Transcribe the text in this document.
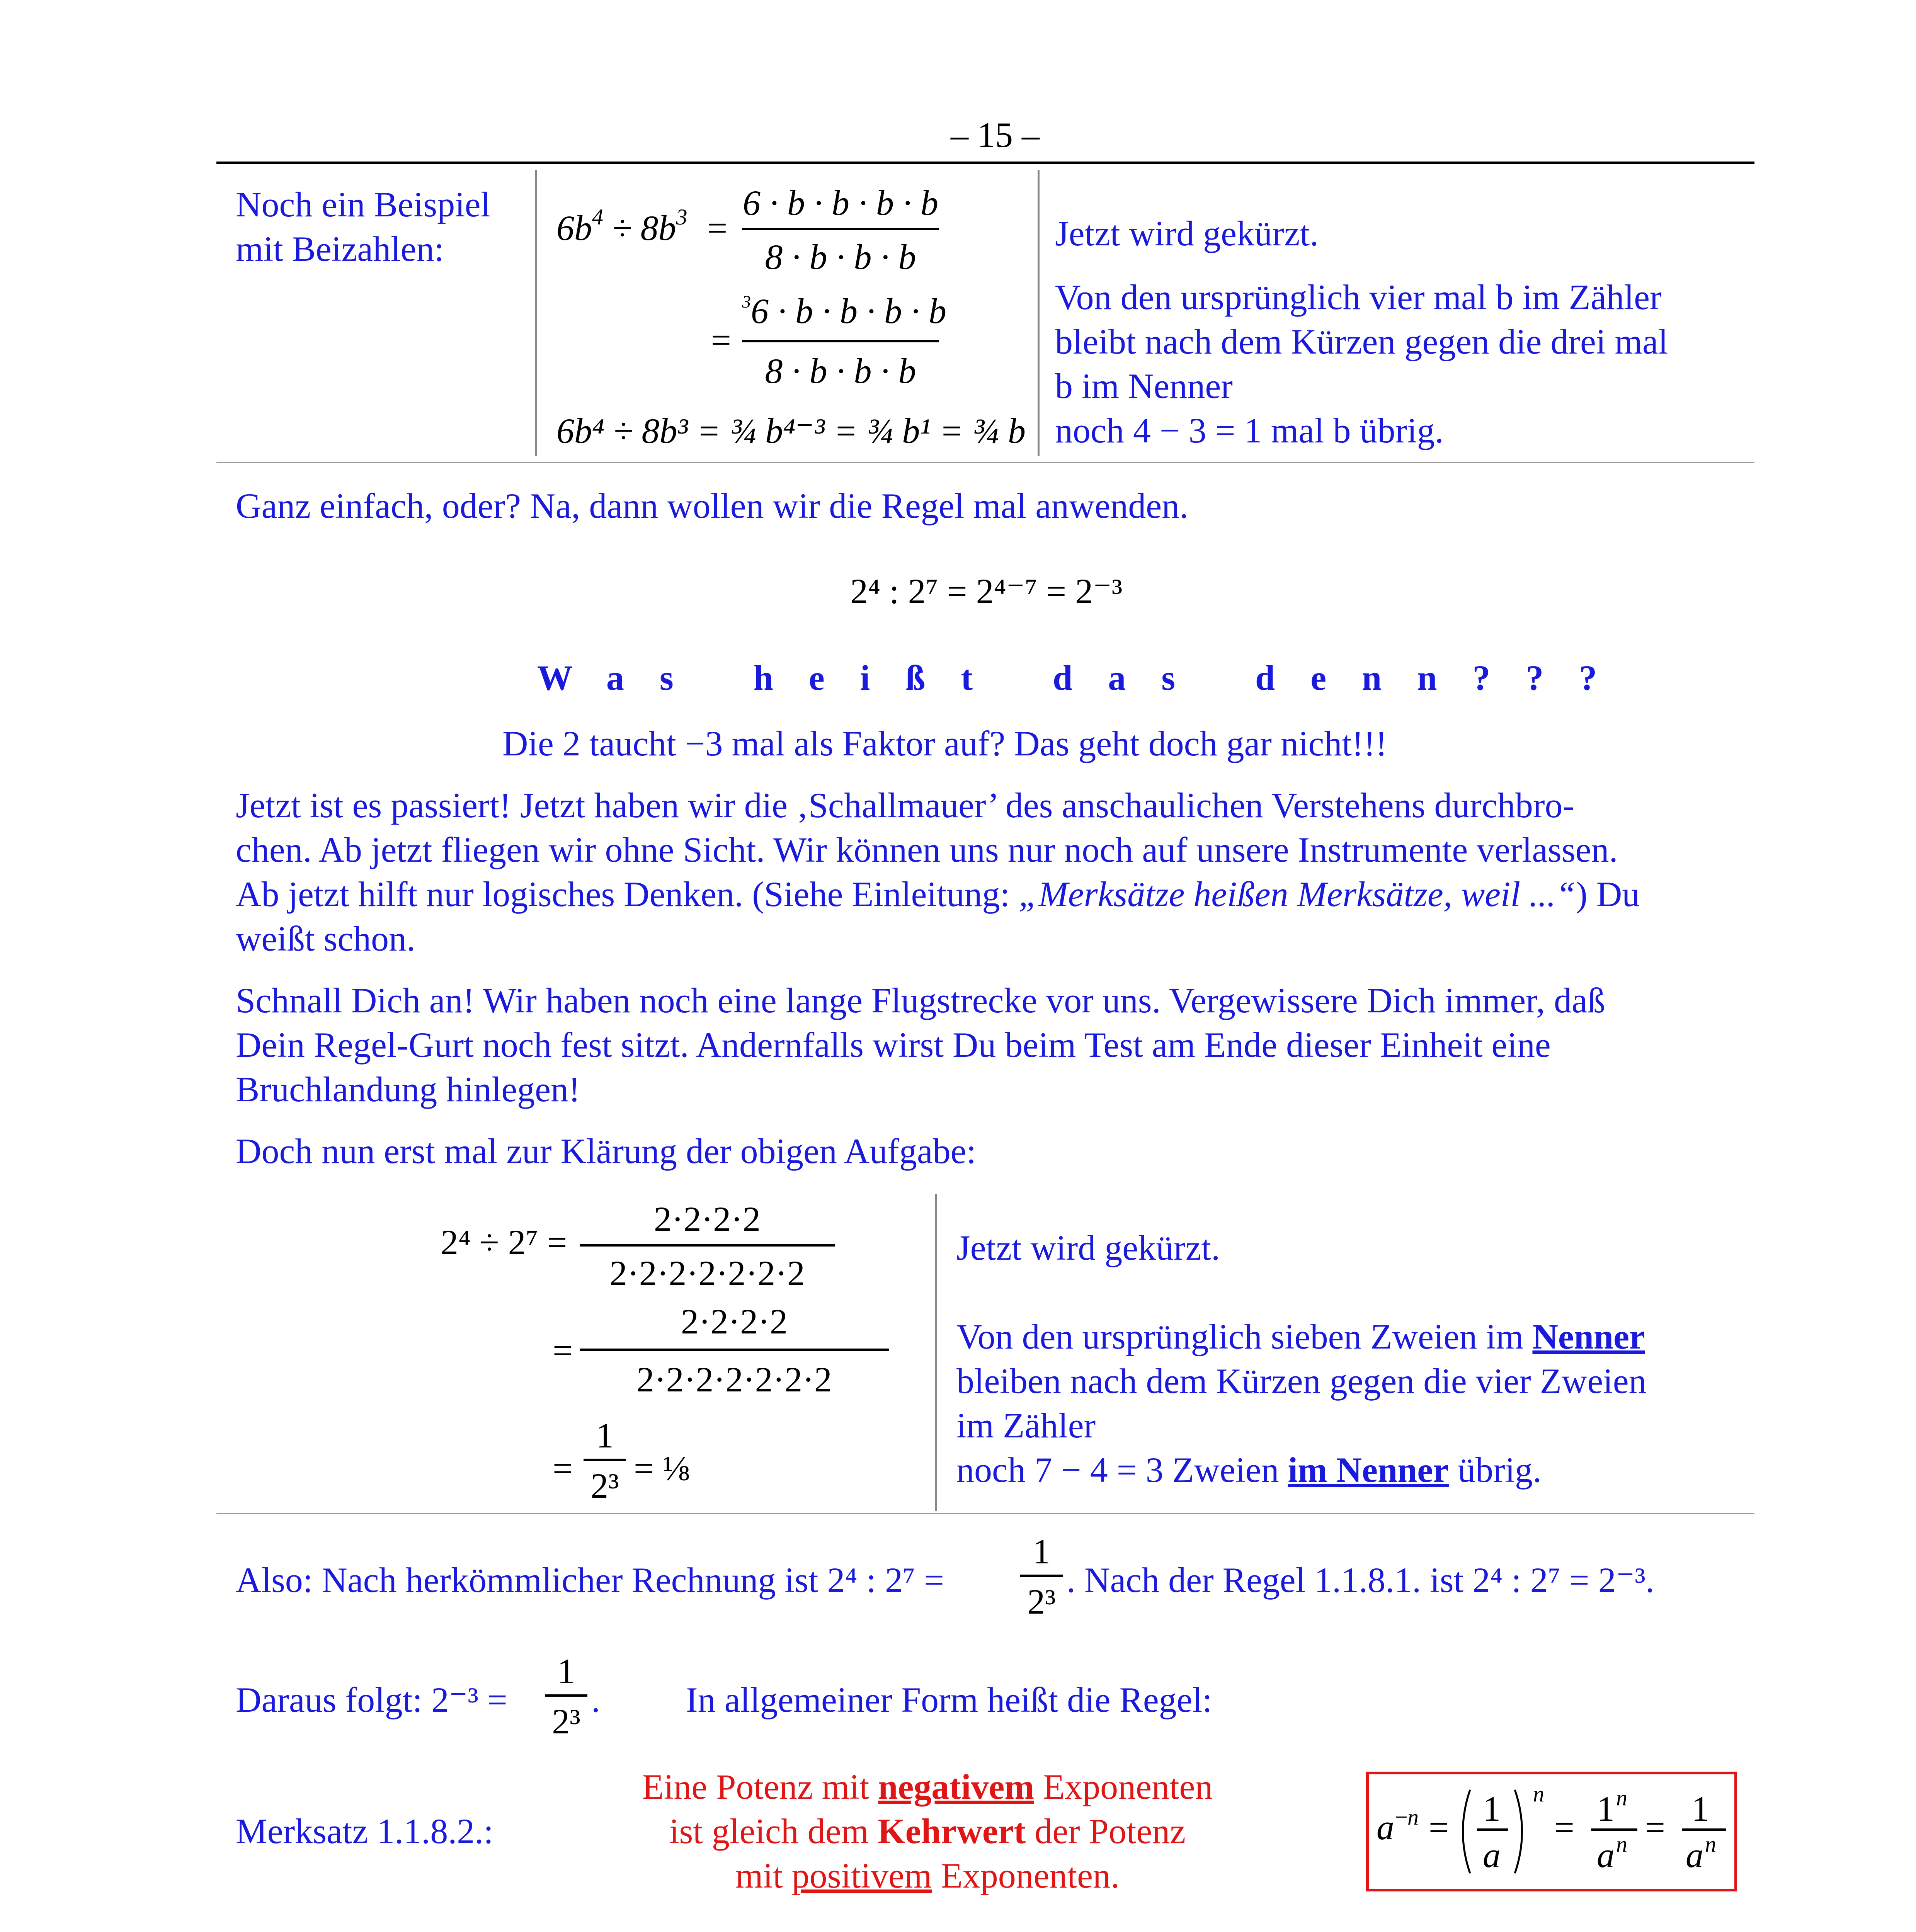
– 15 –
Noch ein Beispiel
mit Beizahlen:
$6b^4 \div 8b^3$  =
6 · b · b · b · b
8 · b · b · b
=
$^3$6 · b · b · b · b
8 · b · b · b
6b⁴ ÷ 8b³ = ¾ b⁴⁻³ = ¾ b¹ = ¾ b
Jetzt wird gekürzt.
Von den ursprünglich vier mal b im Zähler
bleibt nach dem Kürzen gegen die drei mal
b im Nenner
noch 4 − 3 = 1 mal b übrig.
Ganz einfach, oder? Na, dann wollen wir die Regel mal anwenden.
2⁴ : 2⁷ = 2⁴⁻⁷ = 2⁻³
Was heißt das denn???
Die 2 taucht −3 mal als Faktor auf? Das geht doch gar nicht!!!
Jetzt ist es passiert! Jetzt haben wir die ‚Schallmauer’ des anschaulichen Verstehens durchbro-
chen. Ab jetzt fliegen wir ohne Sicht. Wir können uns nur noch auf unsere Instrumente verlassen.
Ab jetzt hilft nur logisches Denken. (Siehe Einleitung: „Merksätze heißen Merksätze, weil ...“) Du
weißt schon.
Schnall Dich an! Wir haben noch eine lange Flugstrecke vor uns. Vergewissere Dich immer, daß
Dein Regel-Gurt noch fest sitzt. Andernfalls wirst Du beim Test am Ende dieser Einheit eine
Bruchlandung hinlegen!
Doch nun erst mal zur Klärung der obigen Aufgabe:
2⁴ ÷ 2⁷ =
2·2·2·2
2·2·2·2·2·2·2
=
2·2·2·2
2·2·2·2·2·2·2
=
1
2³ = ⅛
Jetzt wird gekürzt.
Von den ursprünglich sieben Zweien im Nenner
bleiben nach dem Kürzen gegen die vier Zweien
im Zähler
noch 7 − 4 = 3 Zweien im Nenner übrig.
Also: Nach herkömmlicher Rechnung ist 2⁴ : 2⁷ =
1
2³
. Nach der Regel 1.1.8.1. ist 2⁴ : 2⁷ = 2⁻³.
Daraus folgt: 2⁻³ =
1
2³
. In allgemeiner Form heißt die Regel:
Merksatz 1.1.8.2.:
Eine Potenz mit negativem Exponenten
ist gleich dem Kehrwert der Potenz
mit positivem Exponenten.
a − n = 1
a
n
= 1 n
a n = 1
a n
